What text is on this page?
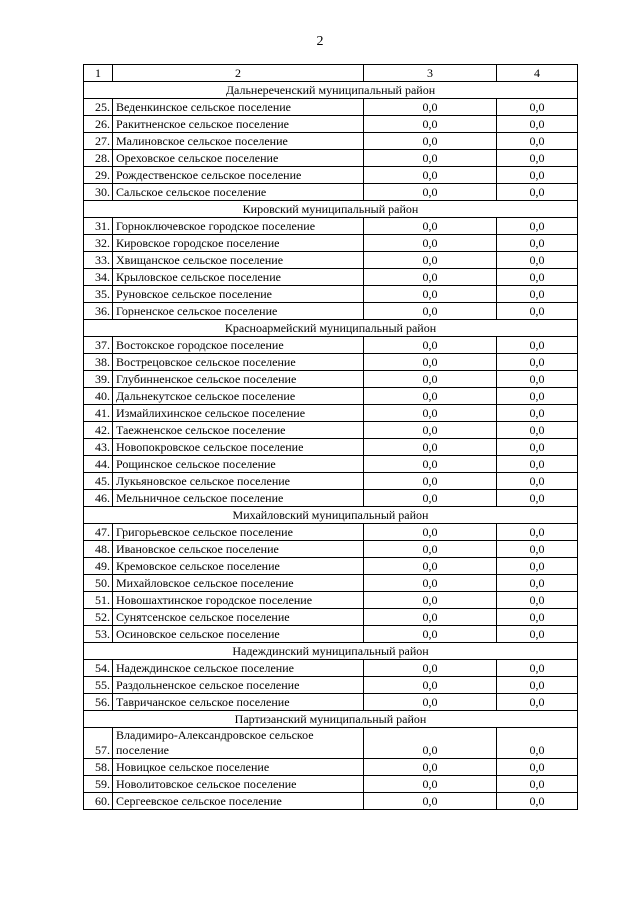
2
1	2	3	4
Дальнереченский муниципальный район			
25.	Веденкинское сельское поселение	0,0	0,0
26.	Ракитненское сельское поселение	0,0	0,0
27.	Малиновское сельское поселение	0,0	0,0
28.	Ореховское сельское поселение	0,0	0,0
29.	Рождественское сельское поселение	0,0	0,0
30.	Сальское сельское поселение	0,0	0,0
Кировский муниципальный район			
31.	Горноключевское городское поселение	0,0	0,0
32.	Кировское городское поселение	0,0	0,0
33.	Хвищанское сельское поселение	0,0	0,0
34.	Крыловское сельское поселение	0,0	0,0
35.	Руновское сельское поселение	0,0	0,0
36.	Горненское сельское поселение	0,0	0,0
Красноармейский муниципальный район			
37.	Востокское городское поселение	0,0	0,0
38.	Вострецовское сельское поселение	0,0	0,0
39.	Глубинненское сельское поселение	0,0	0,0
40.	Дальнекутское сельское поселение	0,0	0,0
41.	Измайлихинское сельское поселение	0,0	0,0
42.	Таежненское сельское поселение	0,0	0,0
43.	Новопокровское сельское поселение	0,0	0,0
44.	Рощинское сельское поселение	0,0	0,0
45.	Лукьяновское сельское поселение	0,0	0,0
46.	Мельничное сельское поселение	0,0	0,0
Михайловский муниципальный район			
47.	Григорьевское сельское поселение	0,0	0,0
48.	Ивановское сельское поселение	0,0	0,0
49.	Кремовское сельское поселение	0,0	0,0
50.	Михайловское сельское поселение	0,0	0,0
51.	Новошахтинское городское поселение	0,0	0,0
52.	Сунятсенское сельское поселение	0,0	0,0
53.	Осиновское сельское поселение	0,0	0,0
Надеждинский муниципальный район			
54.	Надеждинское сельское поселение	0,0	0,0
55.	Раздольненское сельское поселение	0,0	0,0
56.	Тавричанское сельское поселение	0,0	0,0
Партизанский муниципальный район			
57.	Владимиро-Александровское сельское поселение	0,0	0,0
58.	Новицкое сельское поселение	0,0	0,0
59.	Новолитовское сельское поселение	0,0	0,0
60.	Сергеевское сельское поселение	0,0	0,0
